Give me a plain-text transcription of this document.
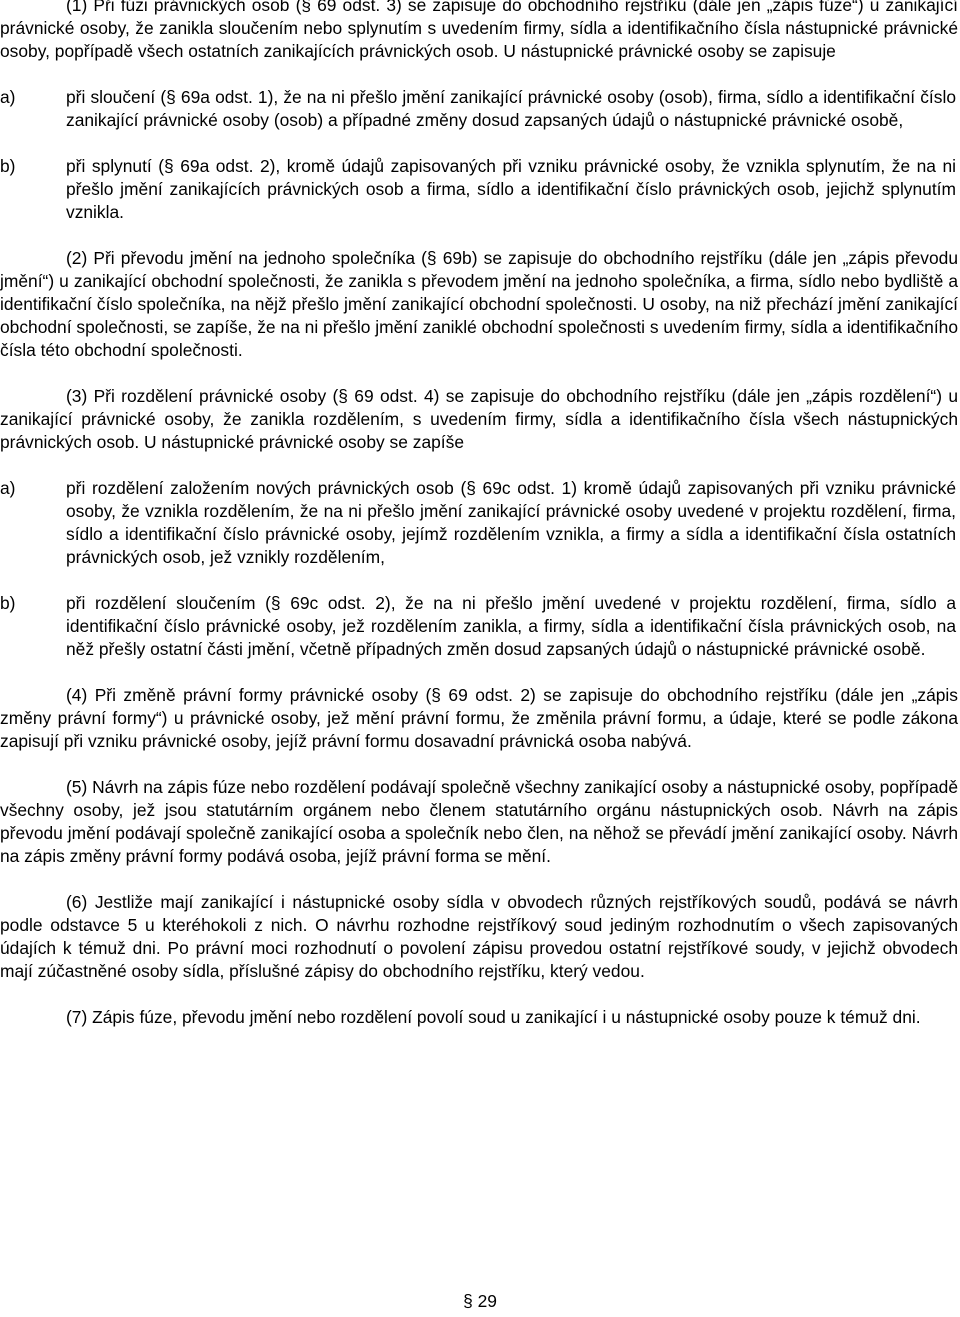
(1) Při fúzi právnických osob (§ 69 odst. 3) se zapisuje do obchodního rejstříku (dále jen „zápis fúze“) u zanikající právnické osoby, že zanikla sloučením nebo splynutím s uvedením firmy, sídla a identifikačního čísla nástupnické právnické osoby, popřípadě všech ostatních zanikajících právnických osob. U nástupnické právnické osoby se zapisuje

a)	při sloučení (§ 69a odst. 1), že na ni přešlo jmění zanikající právnické osoby (osob), firma, sídlo a identifikační číslo zanikající právnické osoby (osob) a případné změny dosud zapsaných údajů o nástupnické právnické osobě,
b)	při splynutí (§ 69a odst. 2), kromě údajů zapisovaných při vzniku právnické osoby, že vznikla splynutím, že na ni přešlo jmění zanikajících právnických osob a firma, sídlo a identifikační číslo právnických osob, jejichž splynutím vznikla.

(2) Při převodu jmění na jednoho společníka (§ 69b) se zapisuje do obchodního rejstříku (dále jen „zápis převodu jmění“) u zanikající obchodní společnosti, že zanikla s převodem jmění na jednoho společníka, a firma, sídlo nebo bydliště a identifikační číslo společníka, na nějž přešlo jmění zanikající obchodní společnosti. U osoby, na niž přechází jmění zanikající obchodní společnosti, se zapíše, že na ni přešlo jmění zaniklé obchodní společnosti s uvedením firmy, sídla a identifikačního čísla této obchodní společnosti.

(3) Při rozdělení právnické osoby (§ 69 odst. 4) se zapisuje do obchodního rejstříku (dále jen „zápis rozdělení“) u zanikající právnické osoby, že zanikla rozdělením, s uvedením firmy, sídla a identifikačního čísla všech nástupnických právnických osob. U nástupnické právnické osoby se zapíše

a)	při rozdělení založením nových právnických osob (§ 69c odst. 1) kromě údajů zapisovaných při vzniku právnické osoby, že vznikla rozdělením, že na ni přešlo jmění zanikající právnické osoby uvedené v projektu rozdělení, firma, sídlo a identifikační číslo právnické osoby, jejímž rozdělením vznikla, a firmy a sídla a identifikační čísla ostatních právnických osob, jež vznikly rozdělením,
b)	při rozdělení sloučením (§ 69c odst. 2), že na ni přešlo jmění uvedené v projektu rozdělení, firma, sídlo a identifikační číslo právnické osoby, jež rozdělením zanikla, a firmy, sídla a identifikační čísla právnických osob, na něž přešly ostatní části jmění, včetně případných změn dosud zapsaných údajů o nástupnické právnické osobě.

(4) Při změně právní formy právnické osoby (§ 69 odst. 2) se zapisuje do obchodního rejstříku (dále jen „zápis změny právní formy“) u právnické osoby, jež mění právní formu, že změnila právní formu, a údaje, které se podle zákona zapisují při vzniku právnické osoby, jejíž právní formu dosavadní právnická osoba nabývá.

(5) Návrh na zápis fúze nebo rozdělení podávají společně všechny zanikající osoby a nástupnické osoby, popřípadě všechny osoby, jež jsou statutárním orgánem nebo členem statutárního orgánu nástupnických osob. Návrh na zápis převodu jmění podávají společně zanikající osoba a společník nebo člen, na něhož se převádí jmění zanikající osoby. Návrh na zápis změny právní formy podává osoba, jejíž právní forma se mění.

(6) Jestliže mají zanikající i nástupnické osoby sídla v obvodech různých rejstříkových soudů, podává se návrh podle odstavce 5 u kteréhokoli z nich. O návrhu rozhodne rejstříkový soud jediným rozhodnutím o všech zapisovaných údajích k témuž dni. Po právní moci rozhodnutí o povolení zápisu provedou ostatní rejstříkové soudy, v jejichž obvodech mají zúčastněné osoby sídla, příslušné zápisy do obchodního rejstříku, který vedou.

(7) Zápis fúze, převodu jmění nebo rozdělení povolí soud u zanikající i u nástupnické osoby pouze k témuž dni.

§ 29
